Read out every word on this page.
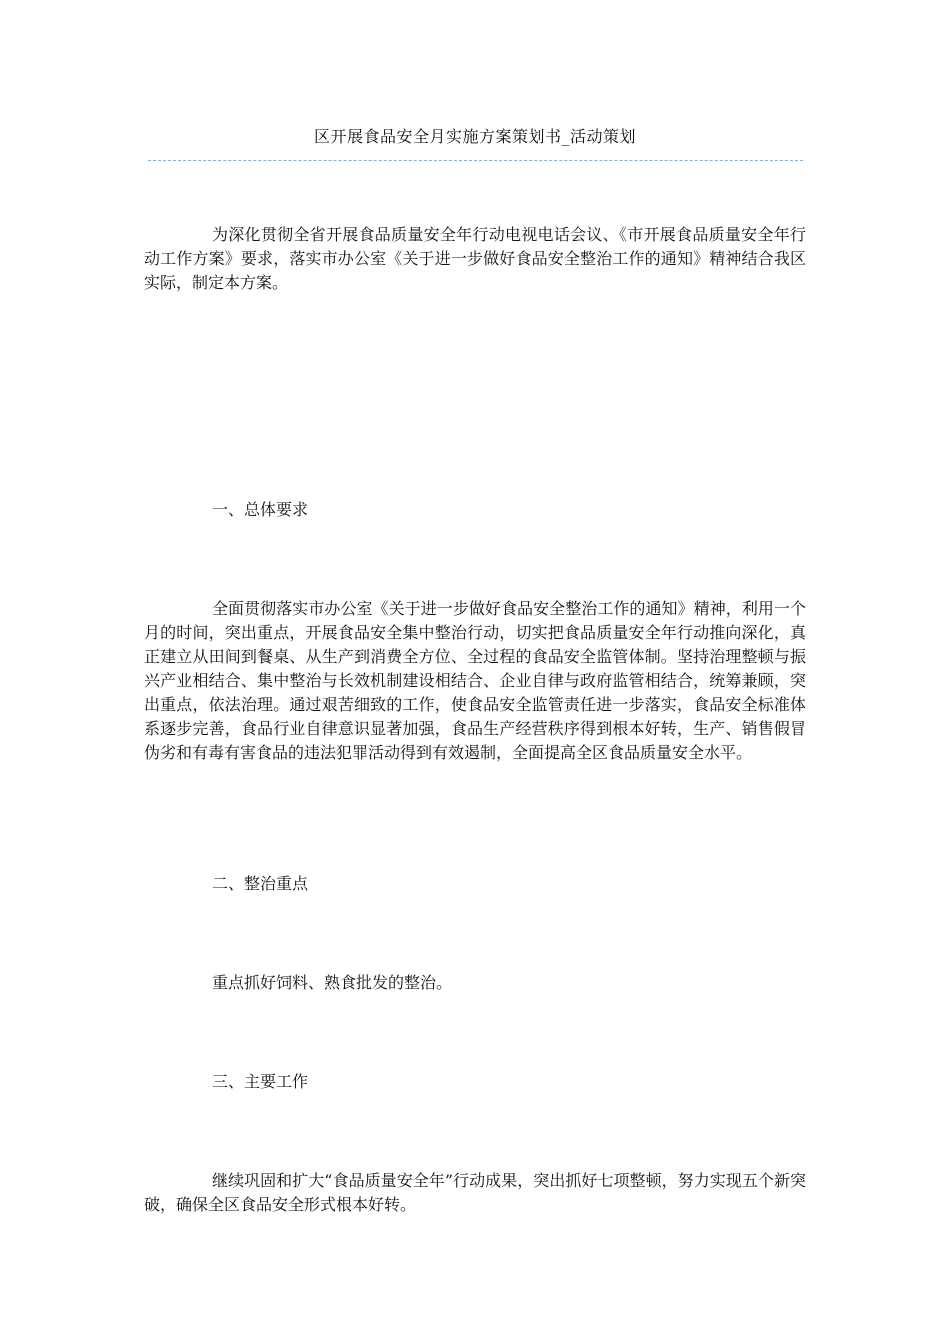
区开展食品安全月实施方案策划书_活动策划

为深化贯彻全省开展食品质量安全年行动电视电话会议、《市开展食品质量安全年行动工作方案》要求，落实市办公室《关于进一步做好食品安全整治工作的通知》精神结合我区实际，制定本方案。

一、总体要求

全面贯彻落实市办公室《关于进一步做好食品安全整治工作的通知》精神，利用一个月的时间，突出重点，开展食品安全集中整治行动，切实把食品质量安全年行动推向深化，真正建立从田间到餐桌、从生产到消费全方位、全过程的食品安全监管体制。坚持治理整顿与振兴产业相结合、集中整治与长效机制建设相结合、企业自律与政府监管相结合，统筹兼顾，突出重点，依法治理。通过艰苦细致的工作，使食品安全监管责任进一步落实，食品安全标准体系逐步完善，食品行业自律意识显著加强，食品生产经营秩序得到根本好转，生产、销售假冒伪劣和有毒有害食品的违法犯罪活动得到有效遏制，全面提高全区食品质量安全水平。

二、整治重点

重点抓好饲料、熟食批发的整治。

三、主要工作

继续巩固和扩大“食品质量安全年”行动成果，突出抓好七项整顿，努力实现五个新突破，确保全区食品安全形式根本好转。
